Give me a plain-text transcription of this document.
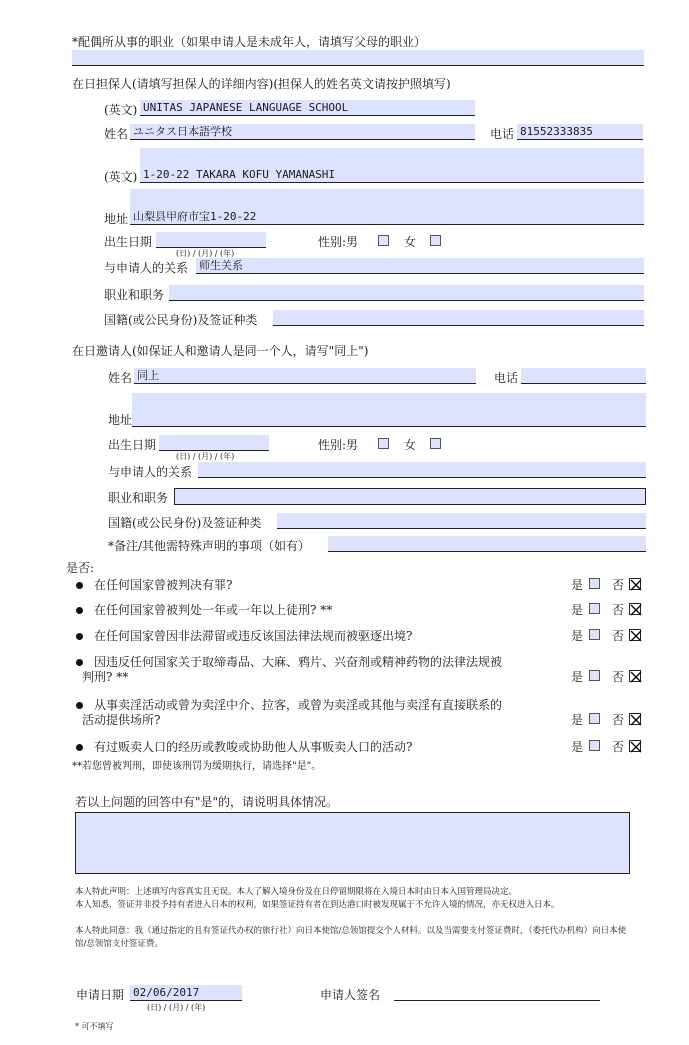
*配偶所从事的职业（如果申请人是未成年人，请填写父母的职业）
在日担保人(请填写担保人的详细内容)(担保人的姓名英文请按护照填写)
(英文) UNITAS JAPANESE LANGUAGE SCHOOL
姓名 ユニタス日本語学校	电话 81552333835
(英文) 1-20-22 TAKARA KOFU YAMANASHI
地址 山梨县甲府市宝1-20-22
出生日期
(日) / (月) / (年)
性别:男	女
与申请人的关系 师生关系
职业和职务
国籍(或公民身份)及签证种类
在日邀请人(如保证人和邀请人是同一个人，请写"同上")
姓名 同上	电话
地址
出生日期
(日) / (月) / (年)
性别:男	女
与申请人的关系
职业和职务
国籍(或公民身份)及签证种类
*备注/其他需特殊声明的事项（如有）
是否:
在任何国家曾被判决有罪?	是 否
在任何国家曾被判处一年或一年以上徒刑? **	是 否
在任何国家曾因非法滞留或违反该国法律法规而被驱逐出境?	是 否
因违反任何国家关于取缔毒品、大麻、鸦片、兴奋剂或精神药物的法律法规被
判刑? **	是 否
从事卖淫活动或曾为卖淫中介、拉客，或曾为卖淫或其他与卖淫有直接联系的
活动提供场所?	是 否
有过贩卖人口的经历或教唆或协助他人从事贩卖人口的活动?	是 否
**若您曾被判刑，即使该刑罚为缓期执行，请选择"是"。
若以上问题的回答中有"是"的，请说明具体情况。
本人特此声明：上述填写内容真实且无误。本人了解入境身份及在日停留期限将在入境日本时由日本入国管理局决定。
本人知悉，签证并非授予持有者进入日本的权利，如果签证持有者在到达港口时被发现属于不允许入境的情况，亦无权进入日本。
本人特此同意：我（通过指定的且有签证代办权的旅行社）向日本使馆/总领馆提交个人材料。以及当需要支付签证费时，（委托代办机构）向日本使馆/总领馆支付签证费。
申请日期 02/06/2017
(日) / (月) / (年)
申请人签名
* 可不填写
